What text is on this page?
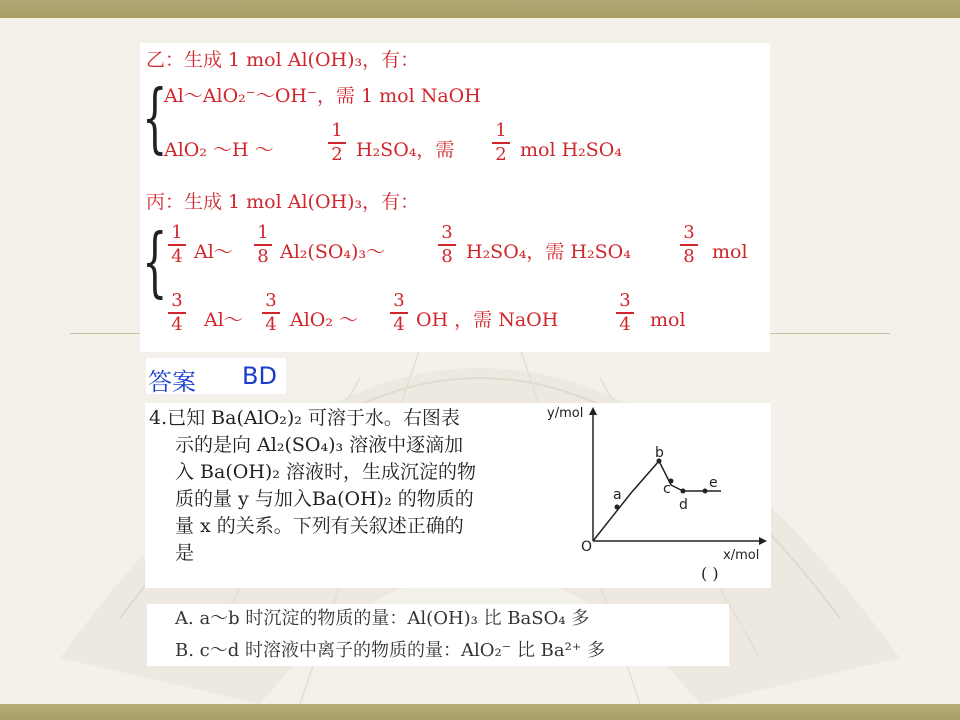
乙：生成 1 mol Al(OH)₃，有：
{
Al～AlO₂⁻～OH⁻，需 1 mol NaOH
AlO₂ ～H ～
1
2 H₂SO₄，需
1
2 mol H₂SO₄
丙：生成 1 mol Al(OH)₃，有：
{ 1
4 Al～
1
8 Al₂(SO₄)₃～
3
8 H₂SO₄，需 H₂SO₄
3
8 mol
3
4 Al～
3
4 AlO₂ ～
3
4 OH ，需 NaOH
3
4 mol
答案 BD
4.已知 Ba(AlO₂)₂ 可溶于水。右图表
示的是向 Al₂(SO₄)₃ 溶液中逐滴加
入 Ba(OH)₂ 溶液时，生成沉淀的物
质的量 y 与加入Ba(OH)₂ 的物质的
量 x 的关系。下列有关叙述正确的
是
( )
y/mol
x/mol
O
a
b
c
d
e
A. a～b 时沉淀的物质的量：Al(OH)₃ 比 BaSO₄ 多
B. c～d 时溶液中离子的物质的量：AlO₂⁻ 比 Ba²⁺ 多
